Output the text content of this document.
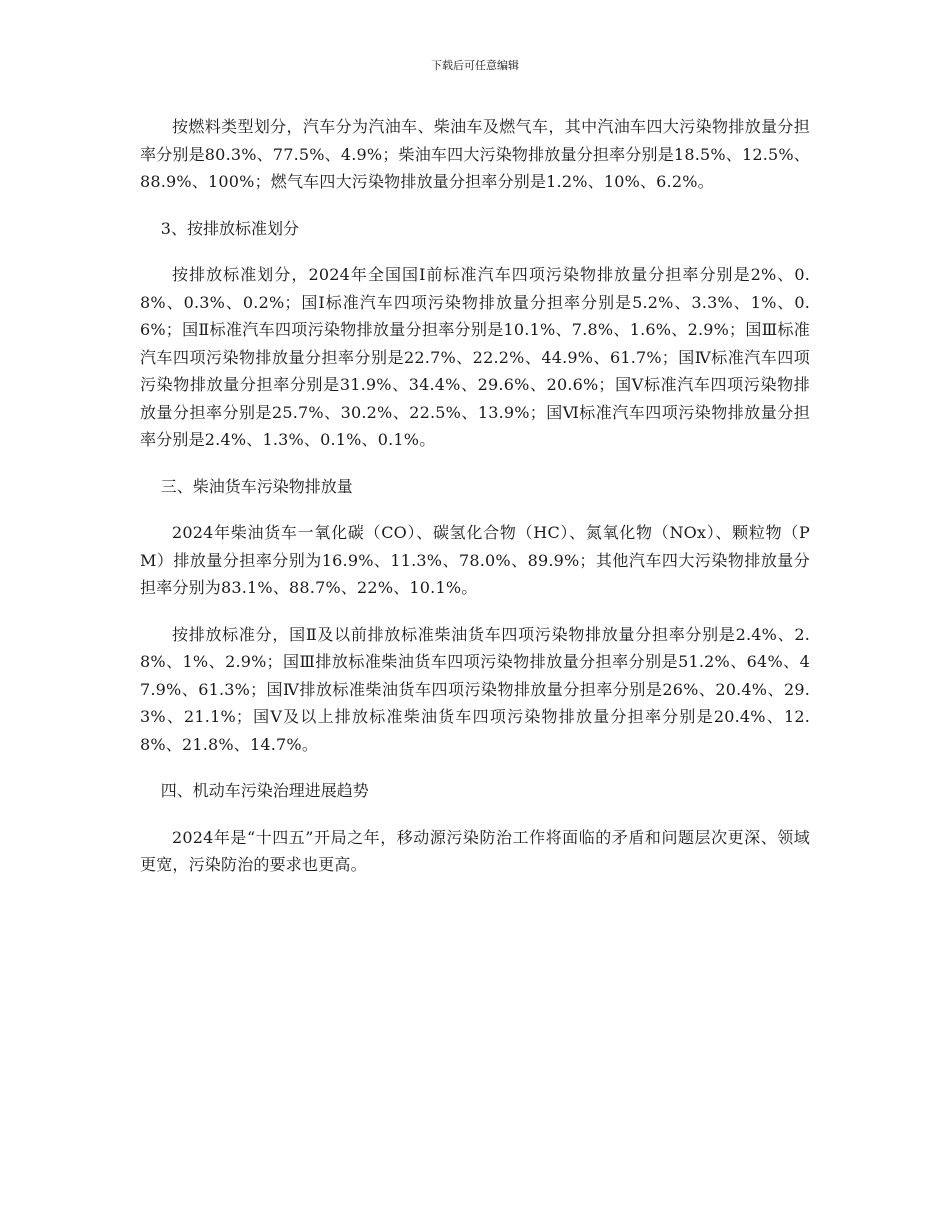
下载后可任意编辑

按燃料类型划分，汽车分为汽油车、柴油车及燃气车，其中汽油车四大污染物排放量分担率分别是80.3%、77.5%、4.9%；柴油车四大污染物排放量分担率分别是18.5%、12.5%、88.9%、100%；燃气车四大污染物排放量分担率分别是1.2%、10%、6.2%。

3、按排放标准划分

按排放标准划分，2024年全国国Ⅰ前标准汽车四项污染物排放量分担率分别是2%、0.8%、0.3%、0.2%；国Ⅰ标准汽车四项污染物排放量分担率分别是5.2%、3.3%、1%、0.6%；国Ⅱ标准汽车四项污染物排放量分担率分别是10.1%、7.8%、1.6%、2.9%；国Ⅲ标准汽车四项污染物排放量分担率分别是22.7%、22.2%、44.9%、61.7%；国Ⅳ标准汽车四项污染物排放量分担率分别是31.9%、34.4%、29.6%、20.6%；国Ⅴ标准汽车四项污染物排放量分担率分别是25.7%、30.2%、22.5%、13.9%；国Ⅵ标准汽车四项污染物排放量分担率分别是2.4%、1.3%、0.1%、0.1%。

三、柴油货车污染物排放量

2024年柴油货车一氧化碳（CO）、碳氢化合物（HC）、氮氧化物（NOx）、颗粒物（PM）排放量分担率分别为16.9%、11.3%、78.0%、89.9%；其他汽车四大污染物排放量分担率分别为83.1%、88.7%、22%、10.1%。

按排放标准分，国Ⅱ及以前排放标准柴油货车四项污染物排放量分担率分别是2.4%、2.8%、1%、2.9%；国Ⅲ排放标准柴油货车四项污染物排放量分担率分别是51.2%、64%、47.9%、61.3%；国Ⅳ排放标准柴油货车四项污染物排放量分担率分别是26%、20.4%、29.3%、21.1%；国Ⅴ及以上排放标准柴油货车四项污染物排放量分担率分别是20.4%、12.8%、21.8%、14.7%。

四、机动车污染治理进展趋势

2024年是“十四五”开局之年，移动源污染防治工作将面临的矛盾和问题层次更深、领域更宽，污染防治的要求也更高。
